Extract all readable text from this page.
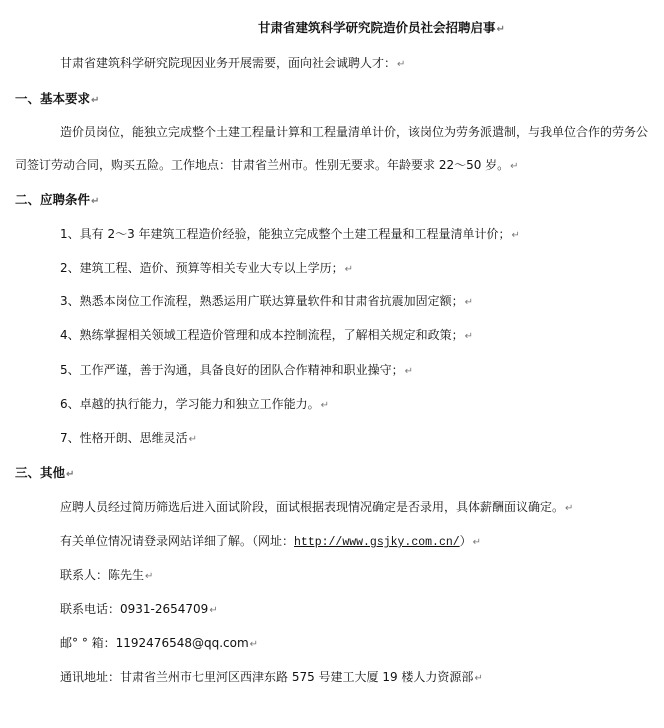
甘肃省建筑科学研究院造价员社会招聘启事↵
甘肃省建筑科学研究院现因业务开展需要，面向社会诚聘人才：↵
一、基本要求↵
造价员岗位，能独立完成整个土建工程量计算和工程量清单计价，该岗位为劳务派遣制，与我单位合作的劳务公
司签订劳动合同，购买五险。工作地点：甘肃省兰州市。性别无要求。年龄要求 22～50 岁。↵
二、应聘条件↵
1、具有 2～3 年建筑工程造价经验，能独立完成整个土建工程量和工程量清单计价；↵
2、建筑工程、造价、预算等相关专业大专以上学历；↵
3、熟悉本岗位工作流程，熟悉运用广联达算量软件和甘肃省抗震加固定额；↵
4、熟练掌握相关领域工程造价管理和成本控制流程，了解相关规定和政策；↵
5、工作严谨，善于沟通，具备良好的团队合作精神和职业操守；↵
6、卓越的执行能力，学习能力和独立工作能力。↵
7、性格开朗、思维灵活↵
三、其他↵
应聘人员经过简历筛选后进入面试阶段，面试根据表现情况确定是否录用，具体薪酬面议确定。↵
有关单位情况请登录网站详细了解。（网址：http://www.gsjky.com.cn/）↵
联系人：陈先生↵
联系电话：0931-2654709↵
邮° ° 箱：1192476548@qq.com↵
通讯地址：甘肃省兰州市七里河区西津东路 575 号建工大厦 19 楼人力资源部↵
